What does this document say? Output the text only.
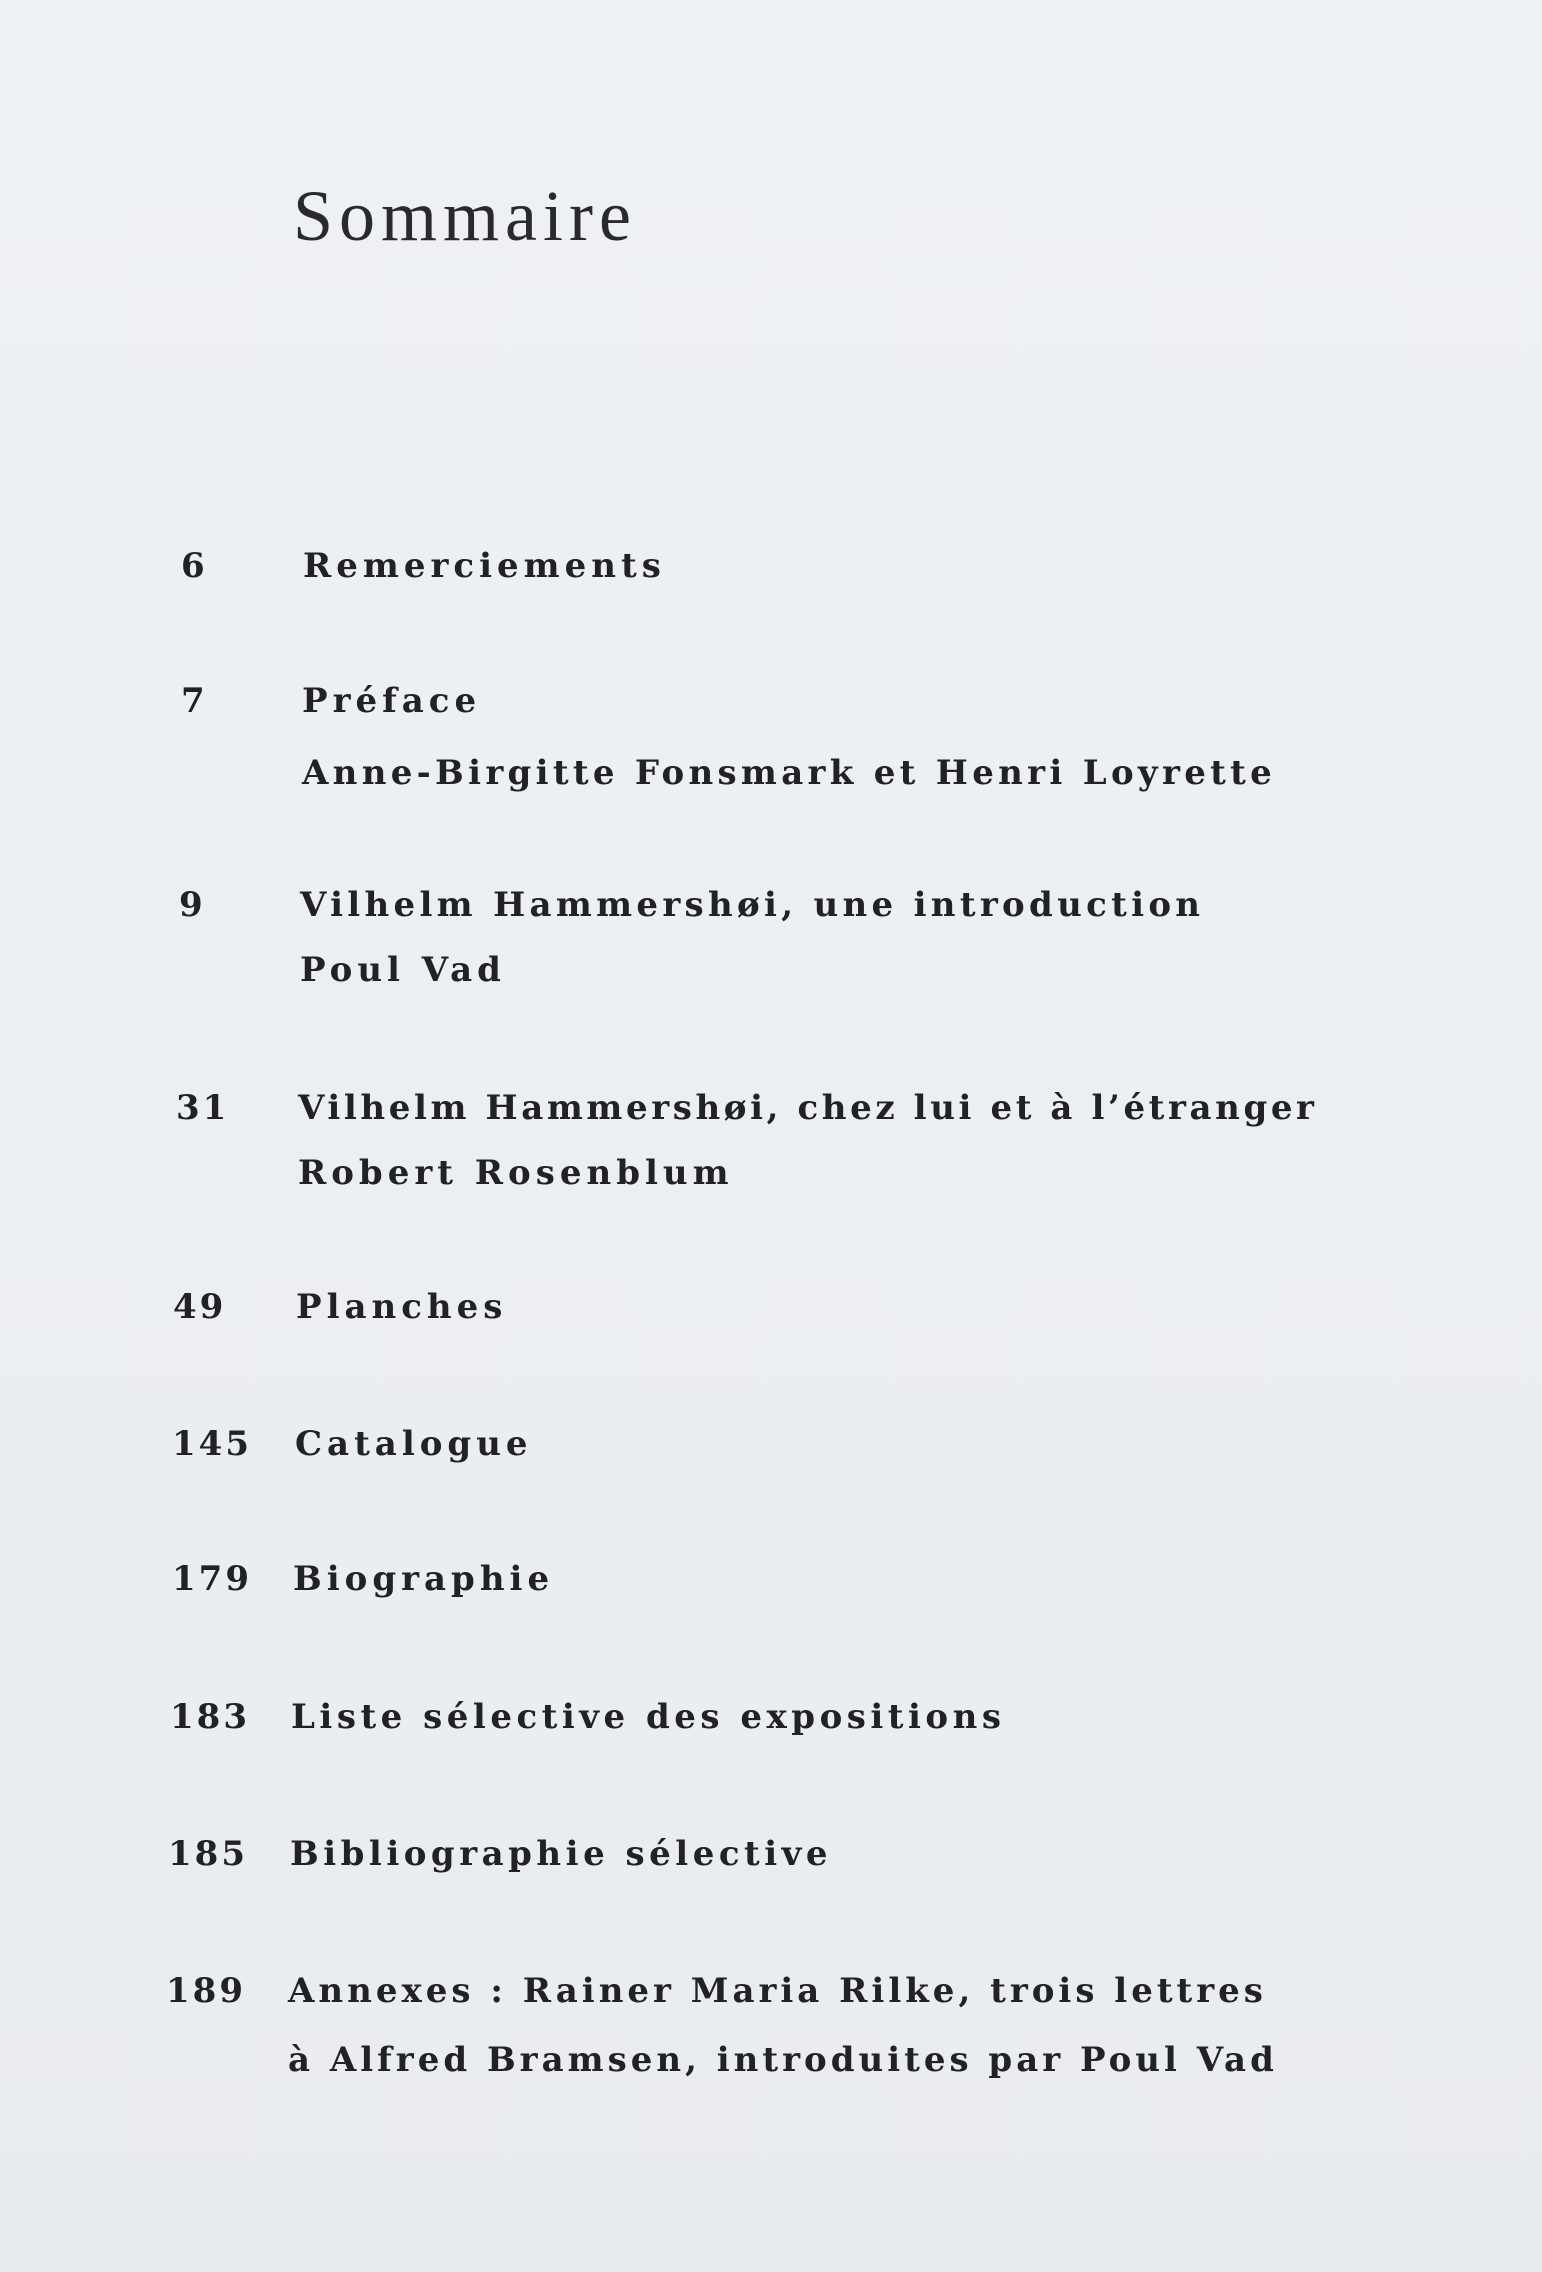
Sommaire
6	Remerciements
7	Préface
Anne-Birgitte Fonsmark et Henri Loyrette
9	Vilhelm Hammershøi, une introduction
Poul Vad
31 Vilhelm Hammershøi, chez lui et à l’étranger
Robert Rosenblum
49 Planches
145 Catalogue
179 Biographie
183 Liste sélective des expositions
185 Bibliographie sélective
189 Annexes : Rainer Maria Rilke, trois lettres
à Alfred Bramsen, introduites par Poul Vad
